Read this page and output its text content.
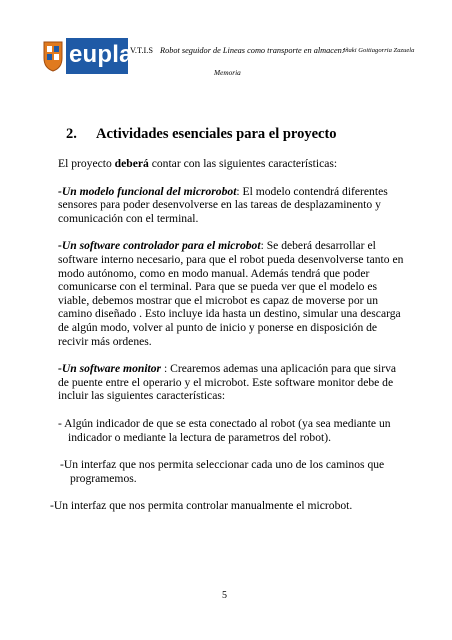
eupla
V.T.I.S Robot seguidor de Lineas como transporte en almacen:
Iñaki Goitiagorria Zazuela
Memoria
2. Actividades esenciales para el proyecto

El proyecto deberá contar con las siguientes características:

-Un modelo funcional del microrobot: El modelo contendrá diferentes sensores para poder desenvolverse en las tareas de desplazaminento y comunicación con el terminal.

-Un software controlador para el microbot: Se deberá desarrollar el software interno necesario, para que el robot pueda desenvolverse tanto en modo autónomo, como en modo manual. Además tendrá que poder comunicarse con el terminal. Para que se pueda ver que el modelo es viable, debemos mostrar que el microbot es capaz de moverse por un camino diseñado . Esto incluye ida hasta un destino, simular una descarga de algún modo, volver al punto de inicio y ponerse en disposición de recivir más ordenes.

-Un software monitor : Crearemos ademas una aplicación para que sirva de puente entre el operario y el microbot. Este software monitor debe de incluir las siguientes características:

- Algún indicador de que se esta conectado al robot (ya sea mediante un
indicador o mediante la lectura de parametros del robot).
-Un interfaz que nos permita seleccionar cada uno de los caminos que
programemos.
-Un interfaz que nos permita controlar manualmente el microbot.
5
